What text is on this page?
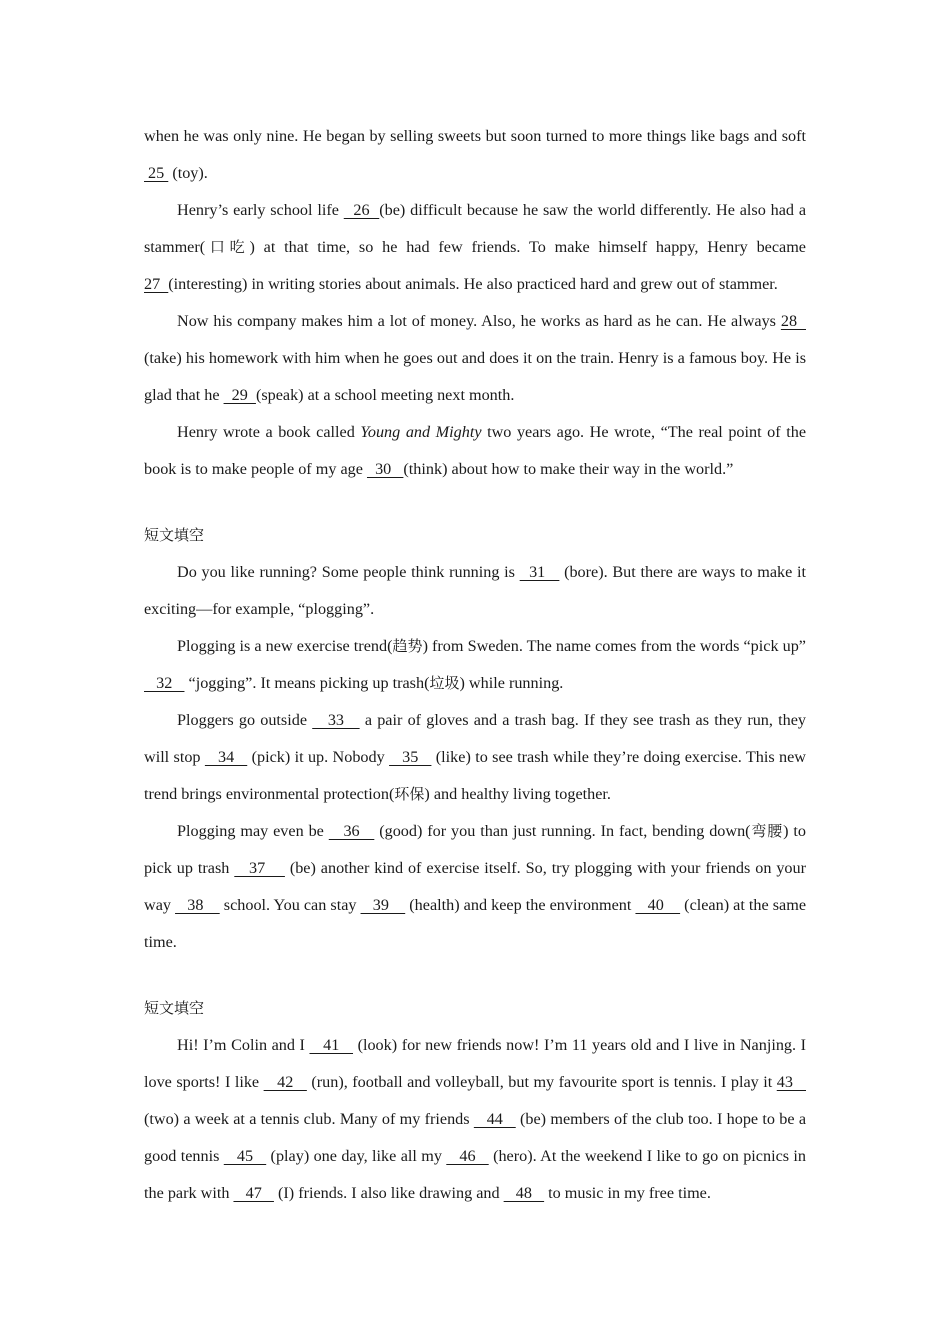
when he was only nine. He began by selling sweets but soon turned to more things like bags and soft  25  (toy).

Henry’s early school life   26  (be) difficult because he saw the world differently. He also had a stammer(口吃) at that time, so he had few friends. To make himself happy, Henry became 27  (interesting) in writing stories about animals. He also practiced hard and grew out of stammer.

Now his company makes him a lot of money. Also, he works as hard as he can. He always 28   (take) his homework with him when he goes out and does it on the train. Henry is a famous boy. He is glad that he   29  (speak) at a school meeting next month.

Henry wrote a book called Young and Mighty two years ago. He wrote, “The real point of the book is to make people of my age   30   (think) about how to make their way in the world.”

短文填空

Do you like running? Some people think running is   31    (bore). But there are ways to make it exciting—for example, “plogging”.

Plogging is a new exercise trend(趋势) from Sweden. The name comes from the words “pick up”    32    “jogging”. It means picking up trash(垃圾) while running.

Ploggers go outside    33    a pair of gloves and a trash bag. If they see trash as they run, they will stop    34    (pick) it up. Nobody    35    (like) to see trash while they’re doing exercise. This new trend brings environmental protection(环保) and healthy living together.

Plogging may even be    36    (good) for you than just running. In fact, bending down(弯腰) to pick up trash    37     (be) another kind of exercise itself. So, try plogging with your friends on your way    38     school. You can stay    39     (health) and keep the environment    40     (clean) at the same time.

短文填空

Hi! I’m Colin and I    41    (look) for new friends now! I’m 11 years old and I live in Nanjing. I love sports! I like    42    (run), football and volleyball, but my favourite sport is tennis. I play it 43    (two) a week at a tennis club. Many of my friends    44    (be) members of the club too. I hope to be a good tennis    45    (play) one day, like all my    46    (hero). At the weekend I like to go on picnics in the park with    47    (I) friends. I also like drawing and    48    to music in my free time.
